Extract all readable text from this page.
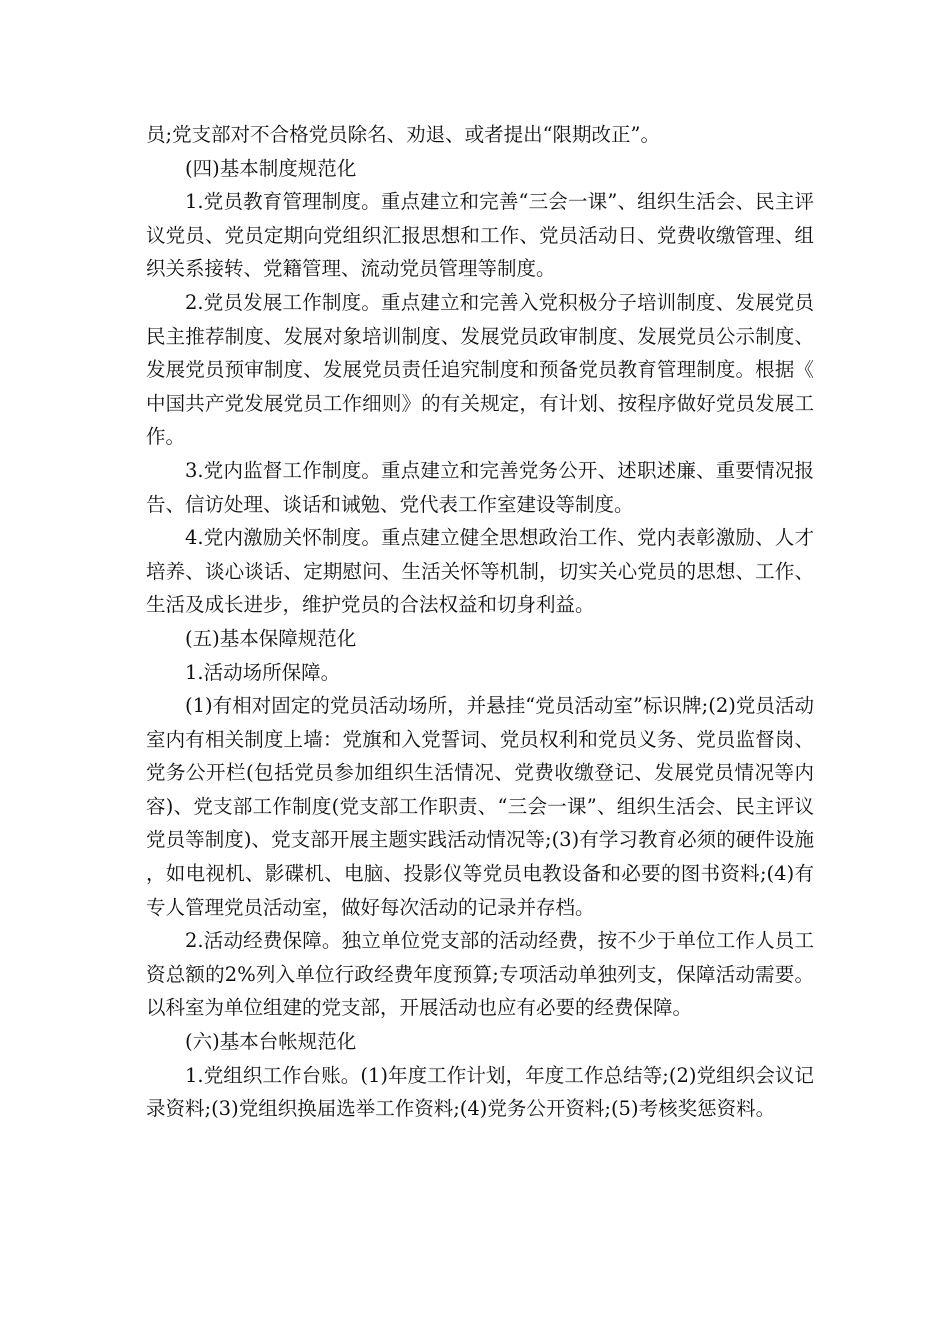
员;党支部对不合格党员除名、劝退、或者提出“限期改正”。

(四)基本制度规范化

1.党员教育管理制度。重点建立和完善“三会一课”、组织生活会、民主评议党员、党员定期向党组织汇报思想和工作、党员活动日、党费收缴管理、组织关系接转、党籍管理、流动党员管理等制度。

2.党员发展工作制度。重点建立和完善入党积极分子培训制度、发展党员民主推荐制度、发展对象培训制度、发展党员政审制度、发展党员公示制度、发展党员预审制度、发展党员责任追究制度和预备党员教育管理制度。根据《中国共产党发展党员工作细则》的有关规定，有计划、按程序做好党员发展工作。

3.党内监督工作制度。重点建立和完善党务公开、述职述廉、重要情况报告、信访处理、谈话和诫勉、党代表工作室建设等制度。

4.党内激励关怀制度。重点建立健全思想政治工作、党内表彰激励、人才培养、谈心谈话、定期慰问、生活关怀等机制，切实关心党员的思想、工作、生活及成长进步，维护党员的合法权益和切身利益。

(五)基本保障规范化

1.活动场所保障。

(1)有相对固定的党员活动场所，并悬挂“党员活动室”标识牌;(2)党员活动室内有相关制度上墙：党旗和入党誓词、党员权利和党员义务、党员监督岗、党务公开栏(包括党员参加组织生活情况、党费收缴登记、发展党员情况等内容)、党支部工作制度(党支部工作职责、“三会一课”、组织生活会、民主评议党员等制度)、党支部开展主题实践活动情况等;(3)有学习教育必须的硬件设施，如电视机、影碟机、电脑、投影仪等党员电教设备和必要的图书资料;(4)有专人管理党员活动室，做好每次活动的记录并存档。

2.活动经费保障。独立单位党支部的活动经费，按不少于单位工作人员工资总额的2%列入单位行政经费年度预算;专项活动单独列支，保障活动需要。以科室为单位组建的党支部，开展活动也应有必要的经费保障。

(六)基本台帐规范化

1.党组织工作台账。(1)年度工作计划，年度工作总结等;(2)党组织会议记录资料;(3)党组织换届选举工作资料;(4)党务公开资料;(5)考核奖惩资料。
